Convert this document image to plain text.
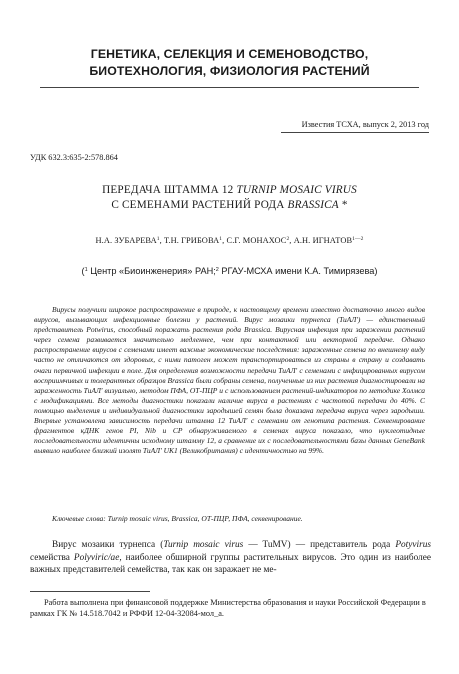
ГЕНЕТИКА, СЕЛЕКЦИЯ И СЕМЕНОВОДСТВО,
БИОТЕХНОЛОГИЯ, ФИЗИОЛОГИЯ РАСТЕНИЙ
Известия ТСХА, выпуск 2, 2013 год
УДК 632.3:635-2:578.864
ПЕРЕДАЧА ШТАММА 12 TURNIP MOSAIC VIRUS
С СЕМЕНАМИ РАСТЕНИЙ РОДА BRASSICA *
Н.А. ЗУБАРЕВА$^1$, Т.Н. ГРИБОВА$^1$, С.Г. МОНАХОС$^2$, А.Н. $ИГНАТОВ^{1—2}$
($^1$ Центр «Биоинженерия» РАН;$^2$ РГАУ-МСХА имени К.А. Тимирязева)

Вирусы получили широкое распространение в природе, к настоящему времени известно достаточно много видов вирусов, вызывающих инфекционные болезни у растений. Вирус мозаики турнепса (ТиАЛ') — единственный представитель Potwirus, способный поражать растения рода Brassica. Вирусная инфекция при заражении растений через семена развивается значительно медленнее, чем при контактной или векторной передаче. Однако распространение вирусов с семенами имеет важные экономические последствия: зараженные семена по внешнему виду часто не отличаются от здоровых, с ними патоген может транспортироваться из страны в страну и создавать очаги первичной инфекции в поле. Для определения возможности передачи ТиАЛ' с семенами с инфицированных вирусом восприимчивых и толерантных образцов Brassica были собраны семена, полученные из них растения диагностировали на зараженность ТиАЛ' визуально, методом ПФА, ОТ-ПЦР и с использованием растений-индикаторов по методике Холмса с модификациями. Все методы диагностики показали наличие вируса в растениях с частотой передачи до 40%. С помощью выделения и индивидуальной диагностики зародышей семян была доказана передача вируса через зародыши. Впервые установлена зависимость передачи штамма 12 ТиАЛ' с семенами от генотипа растения. Секвенирование фрагментов кДНК генов PI, Nib и СР обнаруживаемого в семенах вируса показало, что нуклеотидные последовательности идентичны исходному штамму 12, а сравнение их с последовательностями базы данных GeneBank выявило наиболее близкий изолят ТиАЛ' UK1 (Великобритания) с идентичностью на 99%.

Ключевые слова: Turnip mosaic virus, Brassica, ОТ-ПЦР, ПФА, секвенирование.

Вирус мозаики турнепса (Turnip mosaic virus — TuMV) — представитель рода Potyvirus семейства Polyviric/ae, наиболее обширной группы растительных вирусов. Это один из наиболее важных представителей семейства, так как он заражает не ме-

Работа выполнена при финансовой поддержке Министерства образования и науки Российской Федерации в рамках ГК № 14.518.7042 и РФФИ 12-04-32084-мол_а.
